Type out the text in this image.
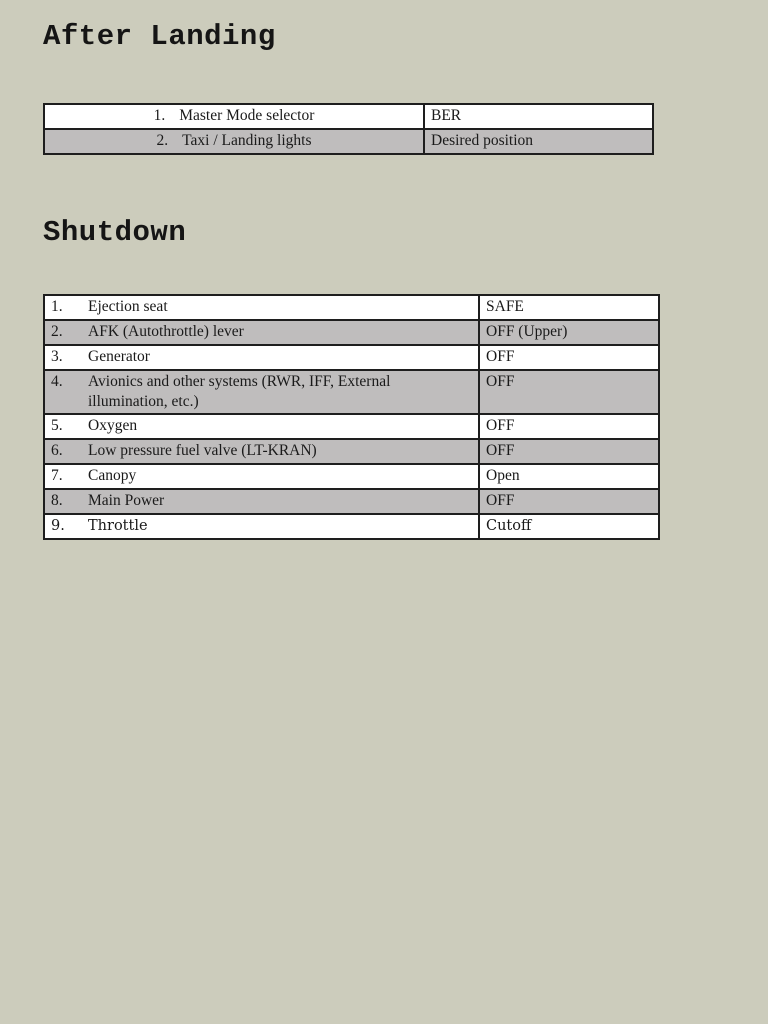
After Landing
1. Master Mode selector	BER
2. Taxi / Landing lights	Desired position
Shutdown
1. Ejection seat	SAFE

2. AFK (Autothrottle) lever	OFF (Upper)

3. Generator	OFF

4. Avionics and other systems (RWR, IFF, External illumination, etc.)	OFF

5. Oxygen	OFF

6. Low pressure fuel valve (LT-KRAN)	OFF

7. Canopy	Open

8. Main Power	OFF

9. Throttle	Cutoff
